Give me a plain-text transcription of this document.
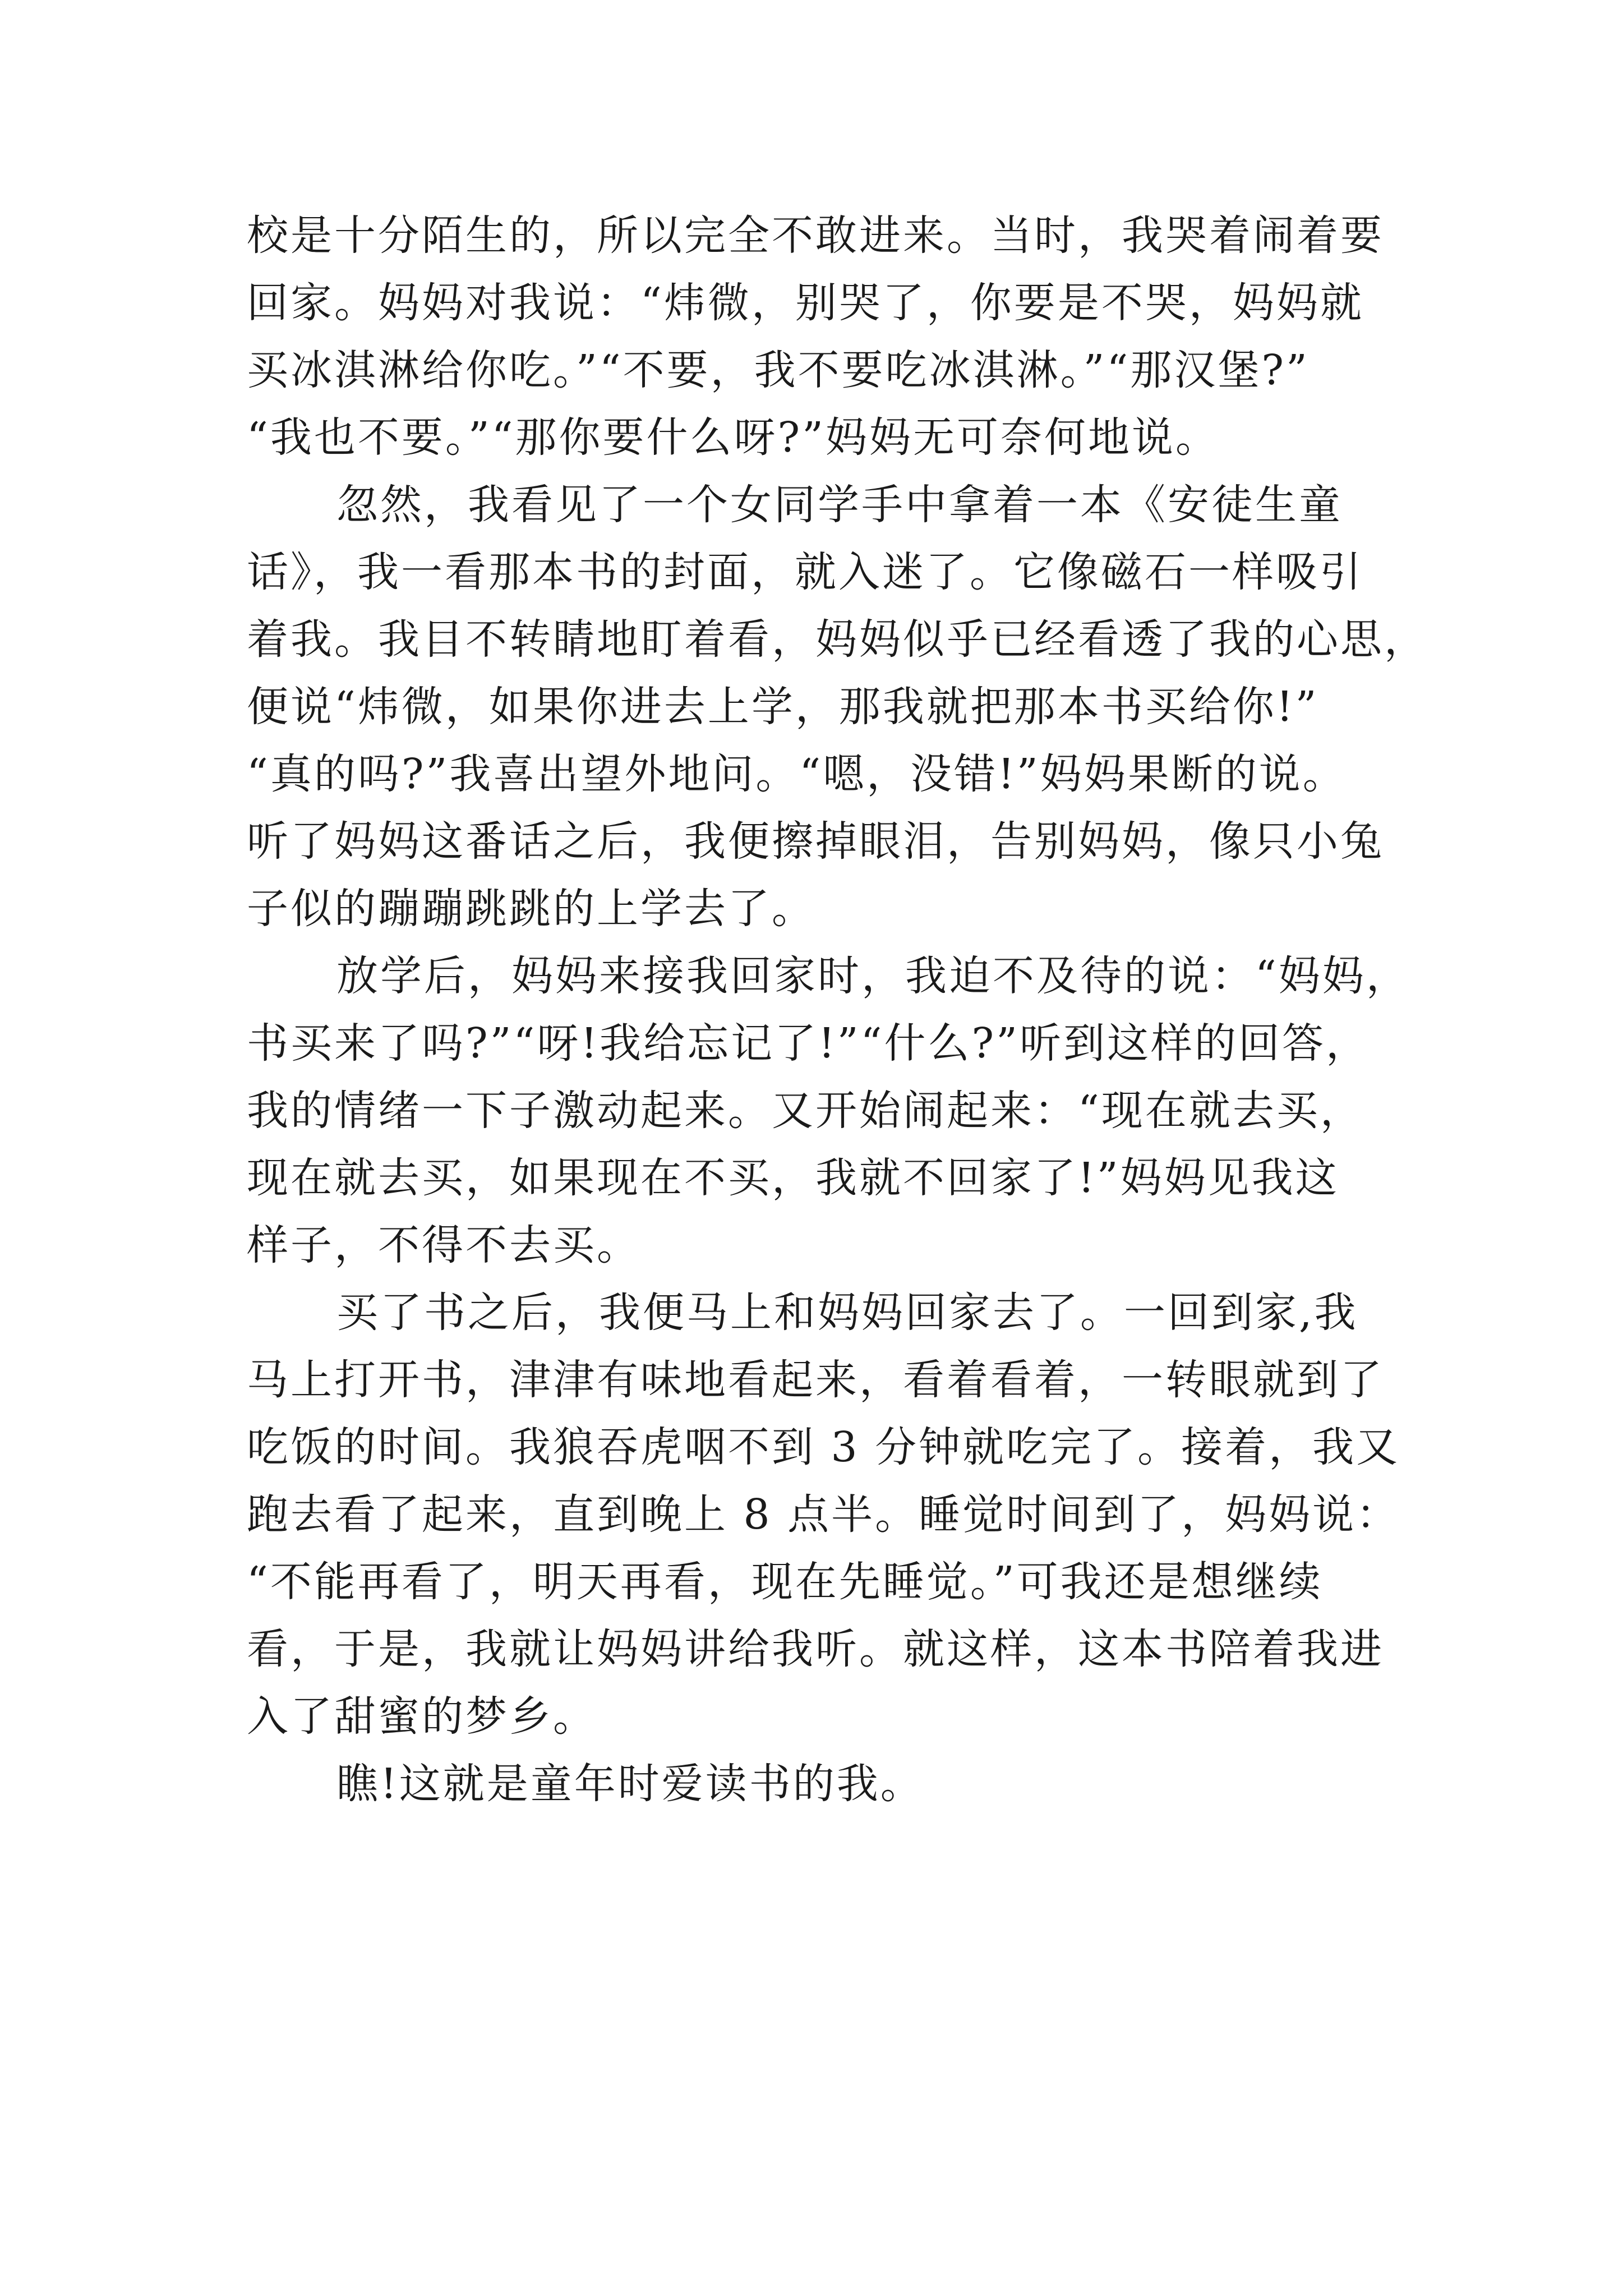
校是十分陌生的，所以完全不敢进来。当时，我哭着闹着要
回家。妈妈对我说：“炜微，别哭了，你要是不哭，妈妈就
买冰淇淋给你吃。”“不要，我不要吃冰淇淋。”“那汉堡?”
“我也不要。”“那你要什么呀?”妈妈无可奈何地说。
忽然，我看见了一个女同学手中拿着一本《安徒生童
话》，我一看那本书的封面，就入迷了。它像磁石一样吸引
着我。我目不转睛地盯着看，妈妈似乎已经看透了我的心思，
便说“炜微，如果你进去上学，那我就把那本书买给你!”
“真的吗?”我喜出望外地问。“嗯，没错!”妈妈果断的说。
听了妈妈这番话之后，我便擦掉眼泪，告别妈妈，像只小兔
子似的蹦蹦跳跳的上学去了。
放学后，妈妈来接我回家时，我迫不及待的说：“妈妈，
书买来了吗?”“呀!我给忘记了!”“什么?”听到这样的回答，
我的情绪一下子激动起来。又开始闹起来：“现在就去买，
现在就去买，如果现在不买，我就不回家了!”妈妈见我这
样子，不得不去买。
买了书之后，我便马上和妈妈回家去了。一回到家,我
马上打开书，津津有味地看起来，看着看着，一转眼就到了
吃饭的时间。我狼吞虎咽不到 3 分钟就吃完了。接着，我又
跑去看了起来，直到晚上 8 点半。睡觉时间到了，妈妈说：
“不能再看了，明天再看，现在先睡觉。”可我还是想继续
看，于是，我就让妈妈讲给我听。就这样，这本书陪着我进
入了甜蜜的梦乡。
瞧!这就是童年时爱读书的我。
